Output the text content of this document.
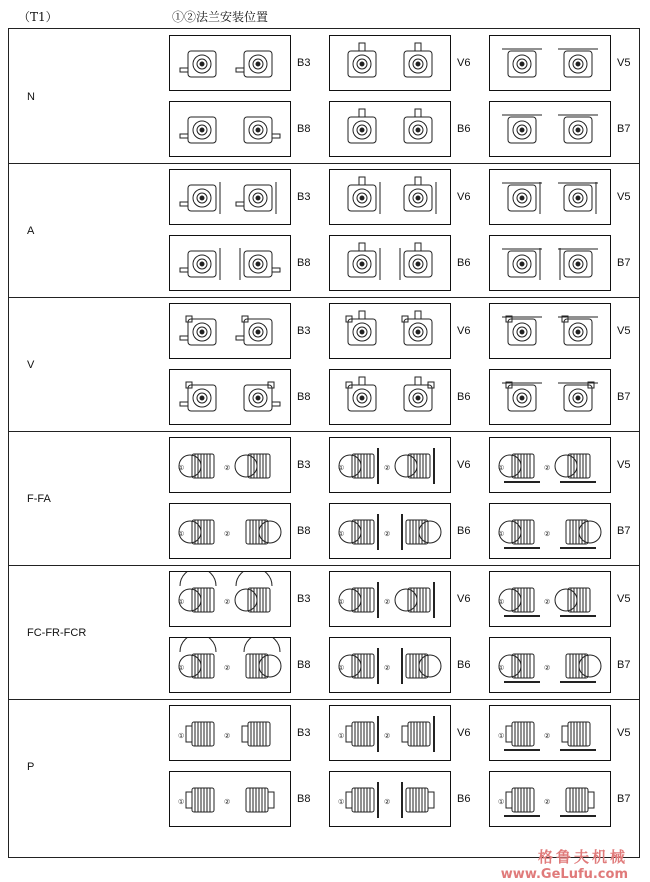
（T1）	①②法兰安装位置
N
B3	V6	V5
B8	B6	B7
A
B3	V6	V5
B8	B6	B7
V
B3	V6	V5
B8	B6	B7
F-FA
①	②	B3	①	②	V6	①	②	V5
①	②	B8	①	②	B6	①	②	B7
FC-FR-FCR
①	②	B3	①	②	V6	①	②	V5
①	②	B8	①	②	B6	①	②	B7
P
①	②	B3	①	②	V6	①	②	V5
①	②	B8	①	②	B6	①	②	B7
格鲁夫机械
www.GeLufu.com
